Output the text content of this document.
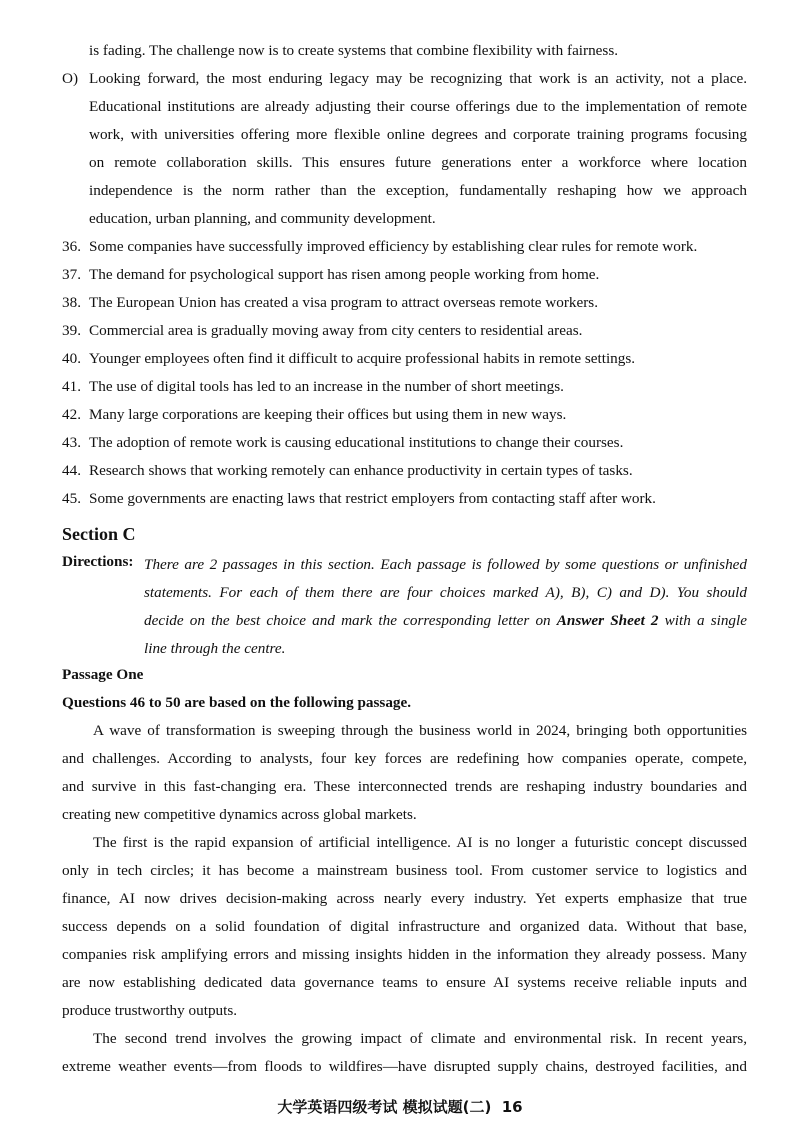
is fading. The challenge now is to create systems that combine flexibility with fairness.
O) Looking forward, the most enduring legacy may be recognizing that work is an activity, not a place.
Educational institutions are already adjusting their course offerings due to the implementation of remote
work, with universities offering more flexible online degrees and corporate training programs focusing
on remote collaboration skills. This ensures future generations enter a workforce where location
independence is the norm rather than the exception, fundamentally reshaping how we approach
education, urban planning, and community development.
36. Some companies have successfully improved efficiency by establishing clear rules for remote work.
37. The demand for psychological support has risen among people working from home.
38. The European Union has created a visa program to attract overseas remote workers.
39. Commercial area is gradually moving away from city centers to residential areas.
40. Younger employees often find it difficult to acquire professional habits in remote settings.
41. The use of digital tools has led to an increase in the number of short meetings.
42. Many large corporations are keeping their offices but using them in new ways.
43. The adoption of remote work is causing educational institutions to change their courses.
44. Research shows that working remotely can enhance productivity in certain types of tasks.
45. Some governments are enacting laws that restrict employers from contacting staff after work.
Section C
Directions: There are 2 passages in this section. Each passage is followed by some questions or unfinished
statements. For each of them there are four choices marked A), B), C) and D). You should
decide on the best choice and mark the corresponding letter on Answer Sheet 2 with a single
line through the centre.
Passage One
Questions 46 to 50 are based on the following passage.
A wave of transformation is sweeping through the business world in 2024, bringing both opportunities
and challenges. According to analysts, four key forces are redefining how companies operate, compete,
and survive in this fast-changing era. These interconnected trends are reshaping industry boundaries and
creating new competitive dynamics across global markets.
The first is the rapid expansion of artificial intelligence. AI is no longer a futuristic concept discussed
only in tech circles; it has become a mainstream business tool. From customer service to logistics and
finance, AI now drives decision-making across nearly every industry. Yet experts emphasize that true
success depends on a solid foundation of digital infrastructure and organized data. Without that base,
companies risk amplifying errors and missing insights hidden in the information they already possess. Many
are now establishing dedicated data governance teams to ensure AI systems receive reliable inputs and
produce trustworthy outputs.
The second trend involves the growing impact of climate and environmental risk. In recent years,
extreme weather events—from floods to wildfires—have disrupted supply chains, destroyed facilities, and
大学英语四级考试 模拟试题(二) 16
